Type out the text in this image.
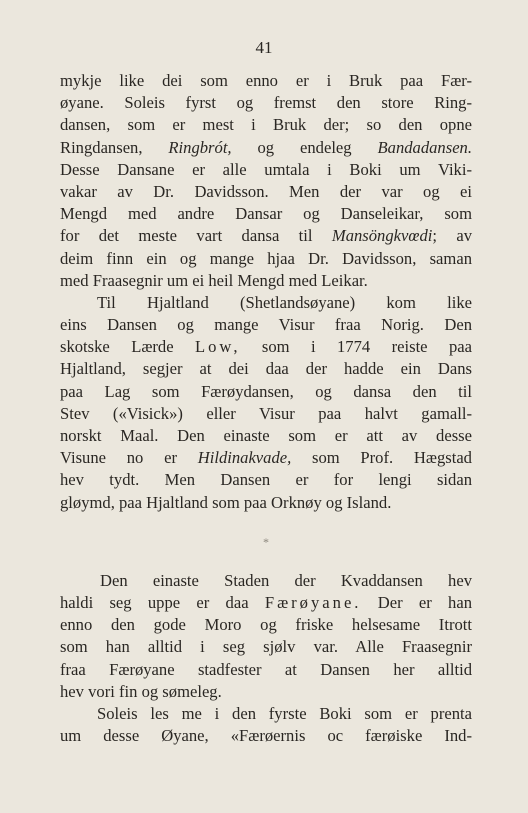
41
mykje like dei som enno er i Bruk paa Fær-
øyane. Soleis fyrst og fremst den store Ring-
dansen, som er mest i Bruk der; so den opne
Ringdansen, Ringbrót, og endeleg Bandadansen.
Desse Dansane er alle umtala i Boki um Viki-
vakar av Dr. Davidsson. Men der var og ei
Mengd med andre Dansar og Danseleikar, som
for det meste vart dansa til Mansöngkvœdi; av
deim finn ein og mange hjaa Dr. Davidsson, saman
med Fraasegnir um ei heil Mengd med Leikar.
Til Hjaltland (Shetlandsøyane) kom like
eins Dansen og mange Visur fraa Norig. Den
skotske Lærde Low, som i 1774 reiste paa
Hjaltland, segjer at dei daa der hadde ein Dans
paa Lag som Færøydansen, og dansa den til
Stev («Visick») eller Visur paa halvt gamall-
norskt Maal. Den einaste som er att av desse
Visune no er Hildinakvade, som Prof. Hægstad
hev tydt. Men Dansen er for lengi sidan
gløymd, paa Hjaltland som paa Orknøy og Island.
*
Den einaste Staden der Kvaddansen hev
haldi seg uppe er daa Færøyane. Der er han
enno den gode Moro og friske helsesame Itrott
som han alltid i seg sjølv var. Alle Fraasegnir
fraa Færøyane stadfester at Dansen her alltid
hev vori fin og sømeleg.
Soleis les me i den fyrste Boki som er prenta
um desse Øyane, «Færøernis oc færøiske Ind-
